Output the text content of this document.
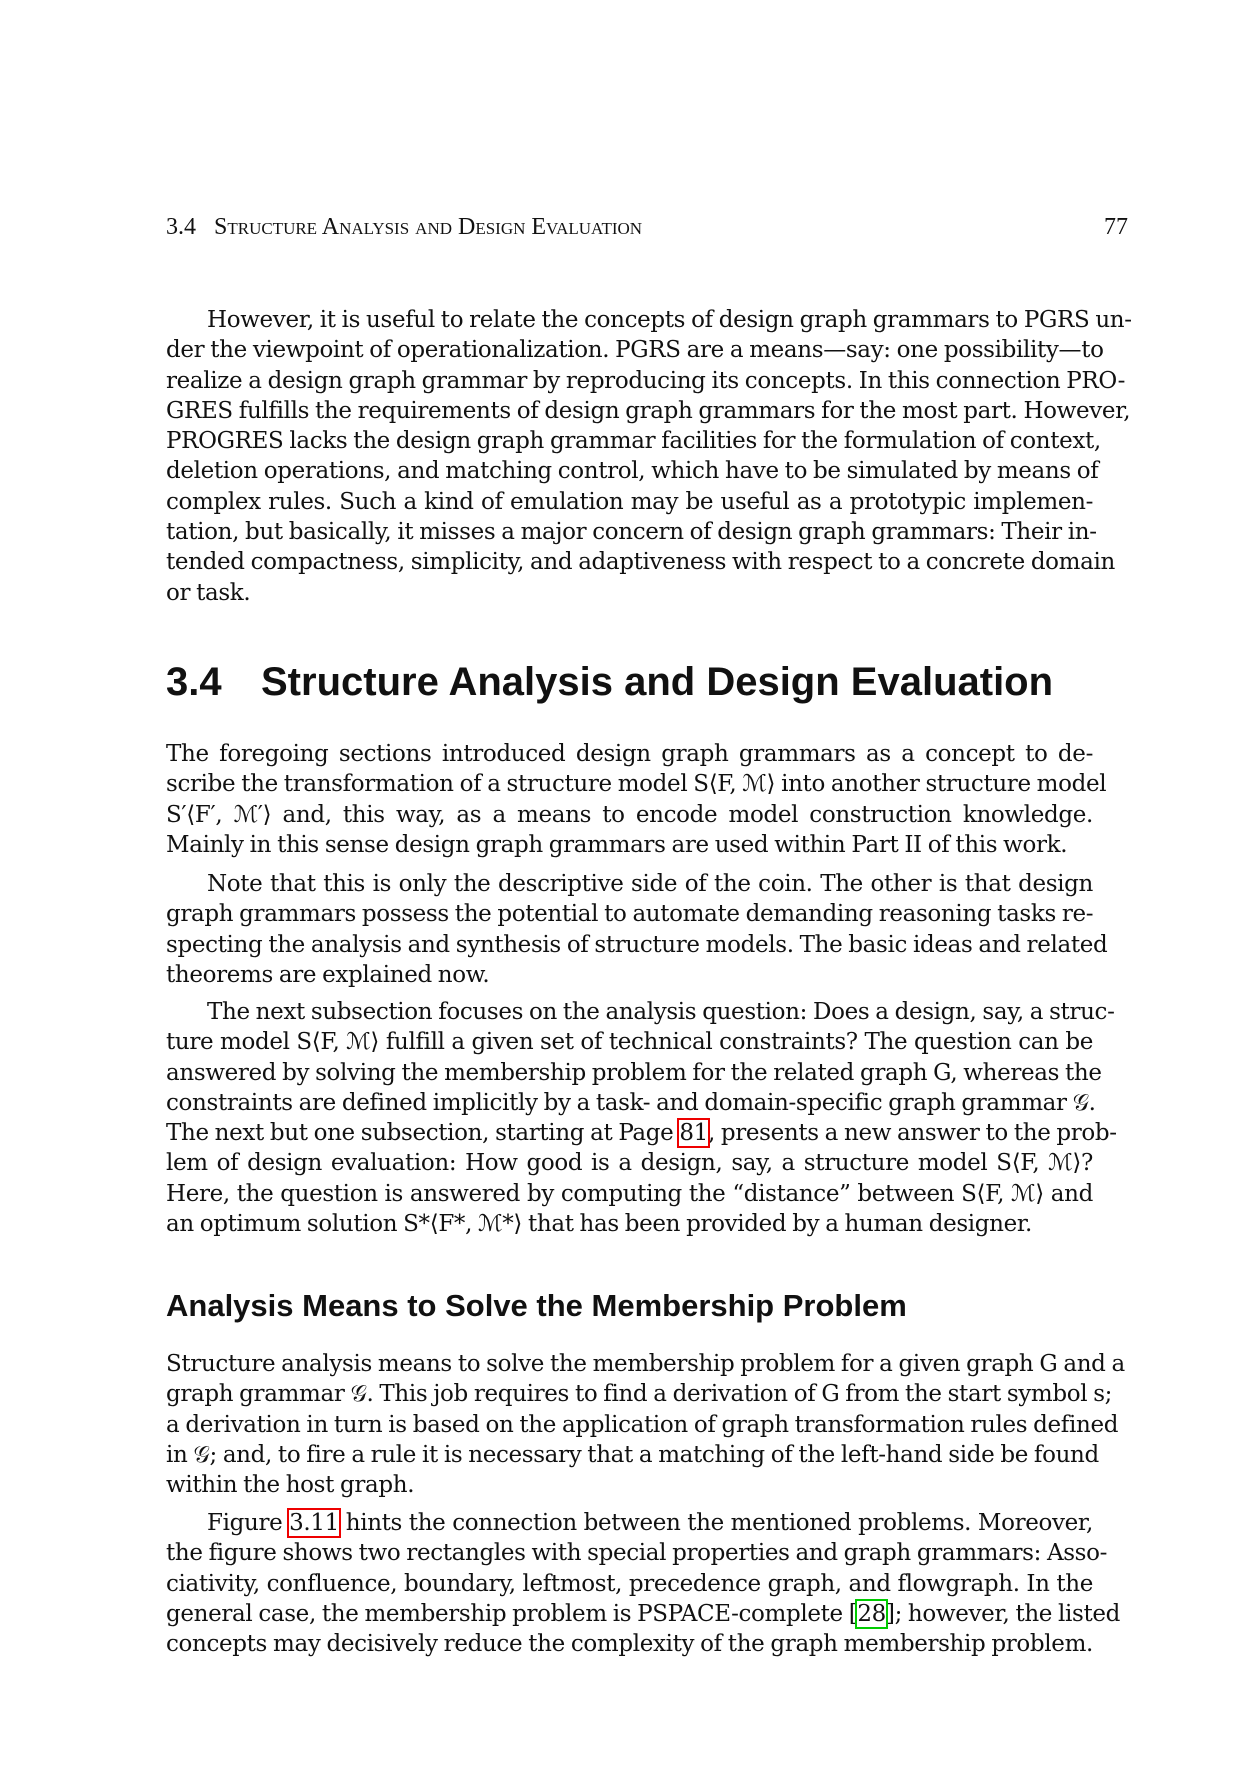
3.4 Structure Analysis and Design Evaluation	77
However, it is useful to relate the concepts of design graph grammars to PGRS un-
der the viewpoint of operationalization. PGRS are a means—say: one possibility—to
realize a design graph grammar by reproducing its concepts. In this connection PRO-
GRES fulfills the requirements of design graph grammars for the most part. However,
PROGRES lacks the design graph grammar facilities for the formulation of context,
deletion operations, and matching control, which have to be simulated by means of
complex rules. Such a kind of emulation may be useful as a prototypic implemen-
tation, but basically, it misses a major concern of design graph grammars: Their in-
tended compactness, simplicity, and adaptiveness with respect to a concrete domain
or task.
3.4 Structure Analysis and Design Evaluation
The foregoing sections introduced design graph grammars as a concept to de-
scribe the transformation of a structure model S⟨F, ℳ⟩ into another structure model
S′⟨F′, ℳ′⟩ and, this way, as a means to encode model construction knowledge.
Mainly in this sense design graph grammars are used within Part II of this work.
Note that this is only the descriptive side of the coin. The other is that design
graph grammars possess the potential to automate demanding reasoning tasks re-
specting the analysis and synthesis of structure models. The basic ideas and related
theorems are explained now.
The next subsection focuses on the analysis question: Does a design, say, a struc-
ture model S⟨F, ℳ⟩ fulfill a given set of technical constraints? The question can be
answered by solving the membership problem for the related graph G, whereas the
constraints are defined implicitly by a task- and domain-specific graph grammar 𝒢.
The next but one subsection, starting at Page 81, presents a new answer to the prob-
lem of design evaluation: How good is a design, say, a structure model S⟨F, ℳ⟩?
Here, the question is answered by computing the “distance” between S⟨F, ℳ⟩ and
an optimum solution S*⟨F*, ℳ*⟩ that has been provided by a human designer.
Analysis Means to Solve the Membership Problem
Structure analysis means to solve the membership problem for a given graph G and a
graph grammar 𝒢. This job requires to find a derivation of G from the start symbol s;
a derivation in turn is based on the application of graph transformation rules defined
in 𝒢; and, to fire a rule it is necessary that a matching of the left-hand side be found
within the host graph.
Figure 3.11 hints the connection between the mentioned problems. Moreover,
the figure shows two rectangles with special properties and graph grammars: Asso-
ciativity, confluence, boundary, leftmost, precedence graph, and flowgraph. In the
general case, the membership problem is PSPACE-complete [28]; however, the listed
concepts may decisively reduce the complexity of the graph membership problem.
